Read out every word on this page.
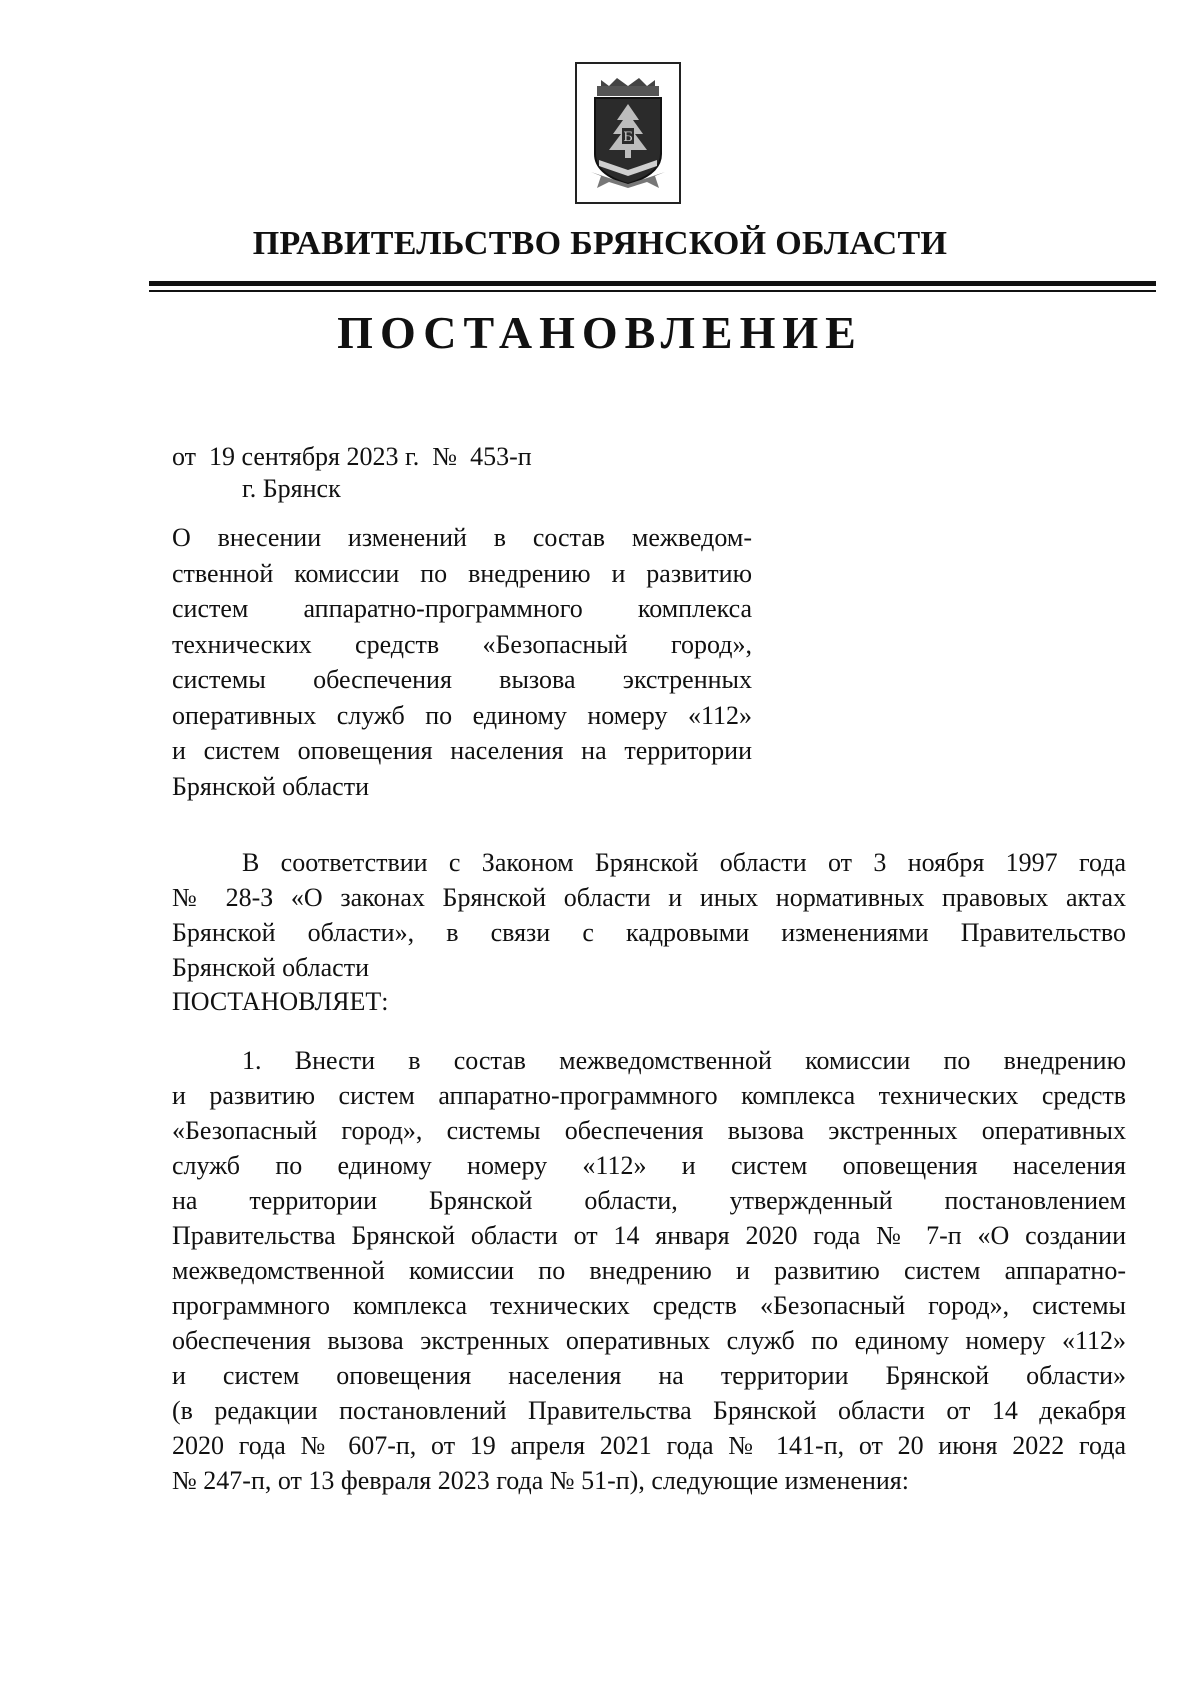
Б
ПРАВИТЕЛЬСТВО БРЯНСКОЙ ОБЛАСТИ
ПОСТАНОВЛЕНИЕ
от 19 сентября 2023 г. № 453-п
г. Брянск
О внесении изменений в состав межведом-
ственной комиссии по внедрению и развитию
систем аппаратно-программного комплекса
технических средств «Безопасный город»,
системы обеспечения вызова экстренных
оперативных служб по единому номеру «112»
и систем оповещения населения на территории
Брянской области
В соответствии с Законом Брянской области от 3 ноября 1997 года
№ 28-З «О законах Брянской области и иных нормативных правовых актах
Брянской области», в связи с кадровыми изменениями Правительство
Брянской области
ПОСТАНОВЛЯЕТ:
1. Внести в состав межведомственной комиссии по внедрению
и развитию систем аппаратно-программного комплекса технических средств
«Безопасный город», системы обеспечения вызова экстренных оперативных
служб по единому номеру «112» и систем оповещения населения
на территории Брянской области, утвержденный постановлением
Правительства Брянской области от 14 января 2020 года № 7-п «О создании
межведомственной комиссии по внедрению и развитию систем аппаратно-
программного комплекса технических средств «Безопасный город», системы
обеспечения вызова экстренных оперативных служб по единому номеру «112»
и систем оповещения населения на территории Брянской области»
(в редакции постановлений Правительства Брянской области от 14 декабря
2020 года № 607-п, от 19 апреля 2021 года № 141-п, от 20 июня 2022 года
№ 247-п, от 13 февраля 2023 года № 51-п), следующие изменения:
